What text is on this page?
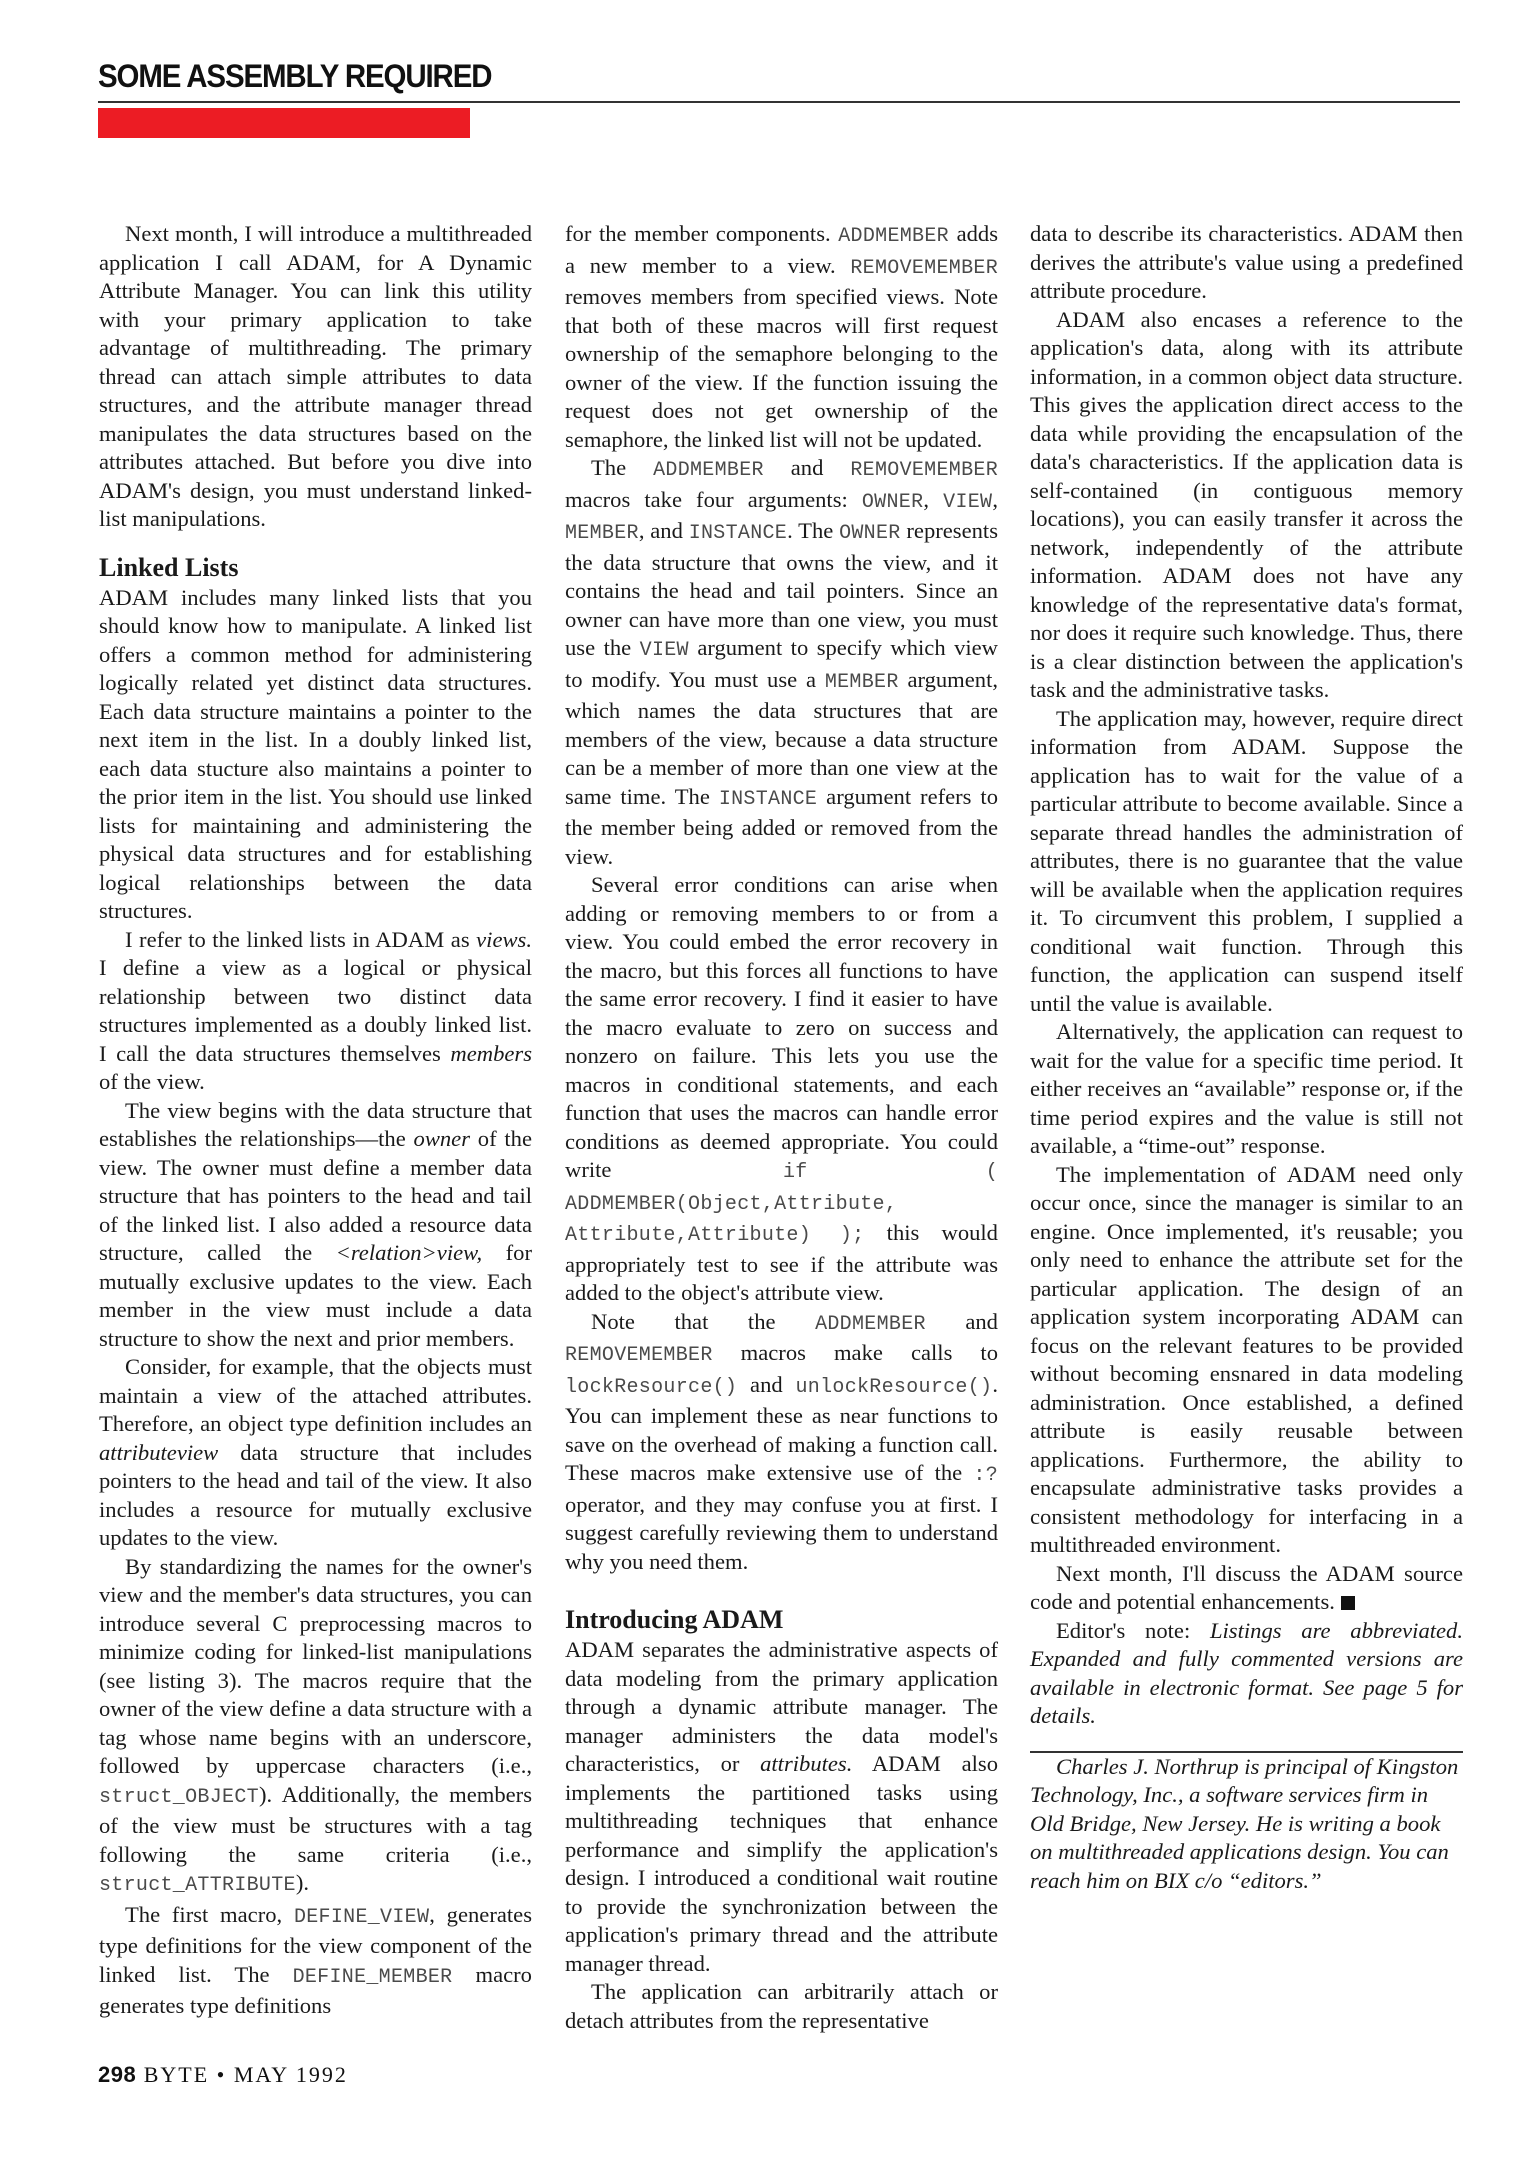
SOME ASSEMBLY REQUIRED

Next month, I will introduce a multithreaded application I call ADAM, for A Dynamic Attribute Manager. You can link this utility with your primary application to take advantage of multithreading. The primary thread can attach simple attributes to data structures, and the attribute manager thread manipulates the data structures based on the attributes attached. But before you dive into ADAM's design, you must understand linked-list manipulations.

Linked Lists

ADAM includes many linked lists that you should know how to manipulate. A linked list offers a common method for administering logically related yet distinct data structures. Each data structure maintains a pointer to the next item in the list. In a doubly linked list, each data stucture also maintains a pointer to the prior item in the list. You should use linked lists for maintaining and administering the physical data structures and for establishing logical relationships between the data structures.

I refer to the linked lists in ADAM as views. I define a view as a logical or physical relationship between two distinct data structures implemented as a doubly linked list. I call the data structures themselves members of the view.

The view begins with the data structure that establishes the relationships—the owner of the view. The owner must define a member data structure that has pointers to the head and tail of the linked list. I also added a resource data structure, called the <relation>view, for mutually exclusive updates to the view. Each member in the view must include a data structure to show the next and prior members.

Consider, for example, that the objects must maintain a view of the attached attributes. Therefore, an object type definition includes an attributeview data structure that includes pointers to the head and tail of the view. It also includes a resource for mutually exclusive updates to the view.

By standardizing the names for the owner's view and the member's data structures, you can introduce several C preprocessing macros to minimize coding for linked-list manipulations (see listing 3). The macros require that the owner of the view define a data structure with a tag whose name begins with an underscore, followed by uppercase characters (i.e., struct_OBJECT). Additionally, the members of the view must be structures with a tag following the same criteria (i.e., struct_ATTRIBUTE).

The first macro, DEFINE_VIEW, generates type definitions for the view component of the linked list. The DEFINE_MEMBER macro generates type definitions

for the member components. ADDMEMBER adds a new member to a view. REMOVEMEMBER removes members from specified views. Note that both of these macros will first request ownership of the semaphore belonging to the owner of the view. If the function issuing the request does not get ownership of the semaphore, the linked list will not be updated.

The ADDMEMBER and REMOVEMEMBER macros take four arguments: OWNER, VIEW, MEMBER, and INSTANCE. The OWNER represents the data structure that owns the view, and it contains the head and tail pointers. Since an owner can have more than one view, you must use the VIEW argument to specify which view to modify. You must use a MEMBER argument, which names the data structures that are members of the view, because a data structure can be a member of more than one view at the same time. The INSTANCE argument refers to the member being added or removed from the view.

Several error conditions can arise when adding or removing members to or from a view. You could embed the error recovery in the macro, but this forces all functions to have the same error recovery. I find it easier to have the macro evaluate to zero on success and nonzero on failure. This lets you use the macros in conditional statements, and each function that uses the macros can handle error conditions as deemed appropriate. You could write if ( ADDMEMBER(Object,Attribute, Attribute,Attribute) ); this would appropriately test to see if the attribute was added to the object's attribute view.

Note that the ADDMEMBER and REMOVEMEMBER macros make calls to lockResource() and unlockResource(). You can implement these as near functions to save on the overhead of making a function call. These macros make extensive use of the :? operator, and they may confuse you at first. I suggest carefully reviewing them to understand why you need them.

Introducing ADAM

ADAM separates the administrative aspects of data modeling from the primary application through a dynamic attribute manager. The manager administers the data model's characteristics, or attributes. ADAM also implements the partitioned tasks using multithreading techniques that enhance performance and simplify the application's design. I introduced a conditional wait routine to provide the synchronization between the application's primary thread and the attribute manager thread.

The application can arbitrarily attach or detach attributes from the representative

data to describe its characteristics. ADAM then derives the attribute's value using a predefined attribute procedure.

ADAM also encases a reference to the application's data, along with its attribute information, in a common object data structure. This gives the application direct access to the data while providing the encapsulation of the data's characteristics. If the application data is self-contained (in contiguous memory locations), you can easily transfer it across the network, independently of the attribute information. ADAM does not have any knowledge of the representative data's format, nor does it require such knowledge. Thus, there is a clear distinction between the application's task and the administrative tasks.

The application may, however, require direct information from ADAM. Suppose the application has to wait for the value of a particular attribute to become available. Since a separate thread handles the administration of attributes, there is no guarantee that the value will be available when the application requires it. To circumvent this problem, I supplied a conditional wait function. Through this function, the application can suspend itself until the value is available.

Alternatively, the application can request to wait for the value for a specific time period. It either receives an “available” response or, if the time period expires and the value is still not available, a “time-out” response.

The implementation of ADAM need only occur once, since the manager is similar to an engine. Once implemented, it's reusable; you only need to enhance the attribute set for the particular application. The design of an application system incorporating ADAM can focus on the relevant features to be provided without becoming ensnared in data modeling administration. Once established, a defined attribute is easily reusable between applications. Furthermore, the ability to encapsulate administrative tasks provides a consistent methodology for interfacing in a multithreaded environment.

Next month, I'll discuss the ADAM source code and potential enhancements.

Editor's note: Listings are abbreviated. Expanded and fully commented versions are available in electronic format. See page 5 for details.

Charles J. Northrup is principal of Kingston Technology, Inc., a software services firm in Old Bridge, New Jersey. He is writing a book on multithreaded applications design. You can reach him on BIX c/o “editors.”

298 BYTE • MAY 1992
